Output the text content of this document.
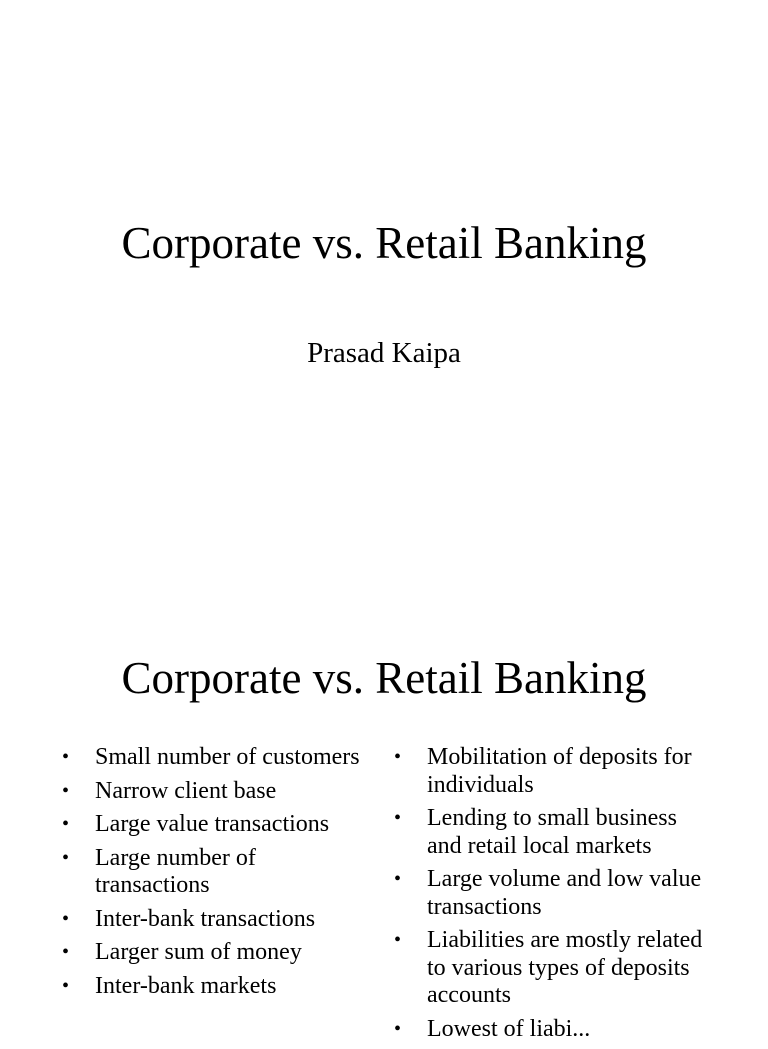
Corporate vs. Retail Banking

Prasad Kaipa

Corporate vs. Retail Banking
•	Small number of customers
•	Narrow client base
•	Large value transactions
•	Large number of transactions
•	Inter-bank transactions
•	Larger sum of money
•	Inter-bank markets
•	Mobilitation of deposits for individuals
•	Lending to small business and retail local markets
•	Large volume and low value transactions
•	Liabilities are mostly related to various types of deposits accounts
•	Lowest of liabi...
